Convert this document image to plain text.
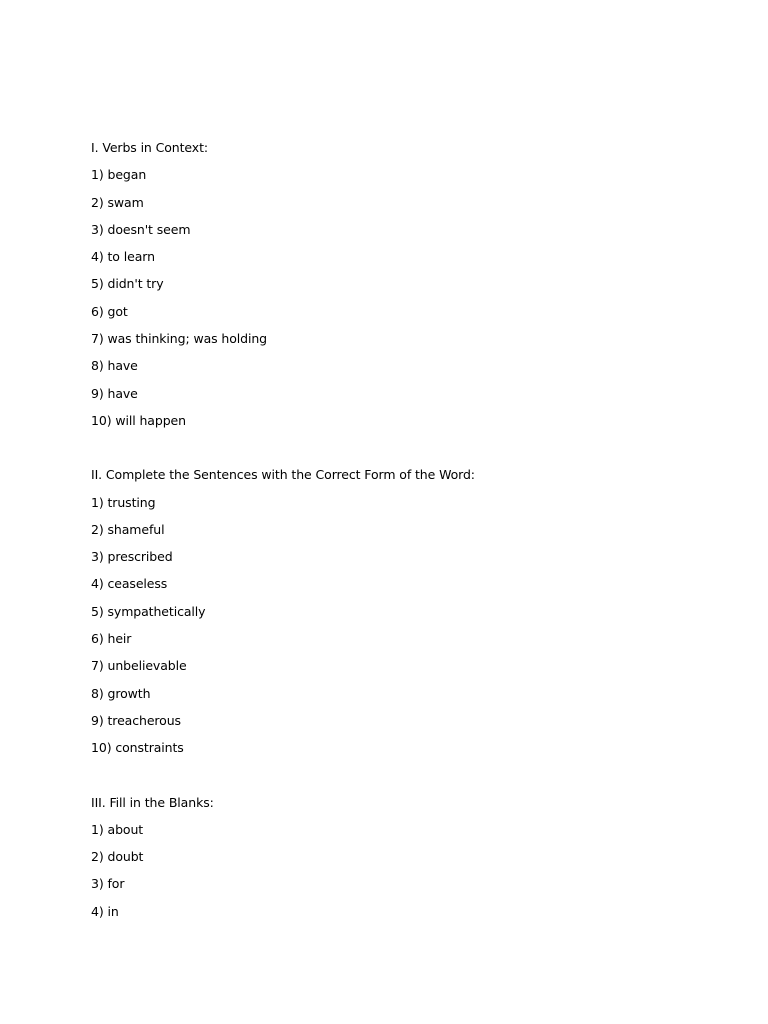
I. Verbs in Context:
1) began
2) swam
3) doesn't seem
4) to learn
5) didn't try
6) got
7) was thinking; was holding
8) have
9) have
10) will happen
II. Complete the Sentences with the Correct Form of the Word:
1) trusting
2) shameful
3) prescribed
4) ceaseless
5) sympathetically
6) heir
7) unbelievable
8) growth
9) treacherous
10) constraints
III. Fill in the Blanks:
1) about
2) doubt
3) for
4) in
